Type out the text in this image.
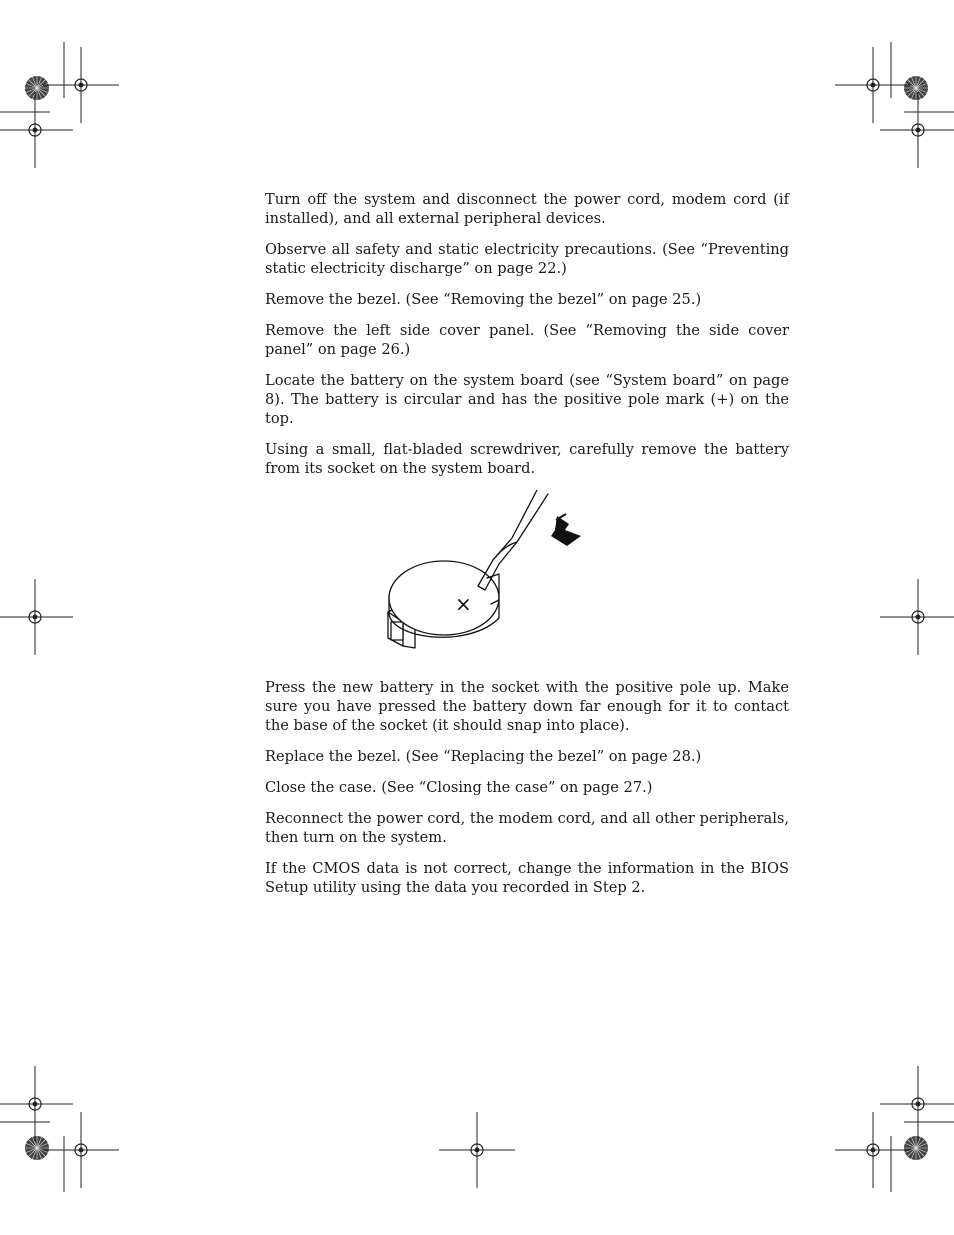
Turn off the system and disconnect the power cord, modem cord (if installed), and all external peripheral devices.

Observe all safety and static electricity precautions. (See “Preventing static electricity discharge” on page 22.)

Remove the bezel. (See “Removing the bezel” on page 25.)

Remove the left side cover panel. (See “Removing the side cover panel” on page 26.)

Locate the battery on the system board (see “System board” on page 8). The battery is circular and has the positive pole mark (+) on the top.

Using a small, flat-bladed screwdriver, carefully remove the battery from its socket on the system board.

×

Press the new battery in the socket with the positive pole up. Make sure you have pressed the battery down far enough for it to contact the base of the socket (it should snap into place).

Replace the bezel. (See “Replacing the bezel” on page 28.)

Close the case. (See “Closing the case” on page 27.)

Reconnect the power cord, the modem cord, and all other peripherals, then turn on the system.

If the CMOS data is not correct, change the information in the BIOS Setup utility using the data you recorded in Step 2.
